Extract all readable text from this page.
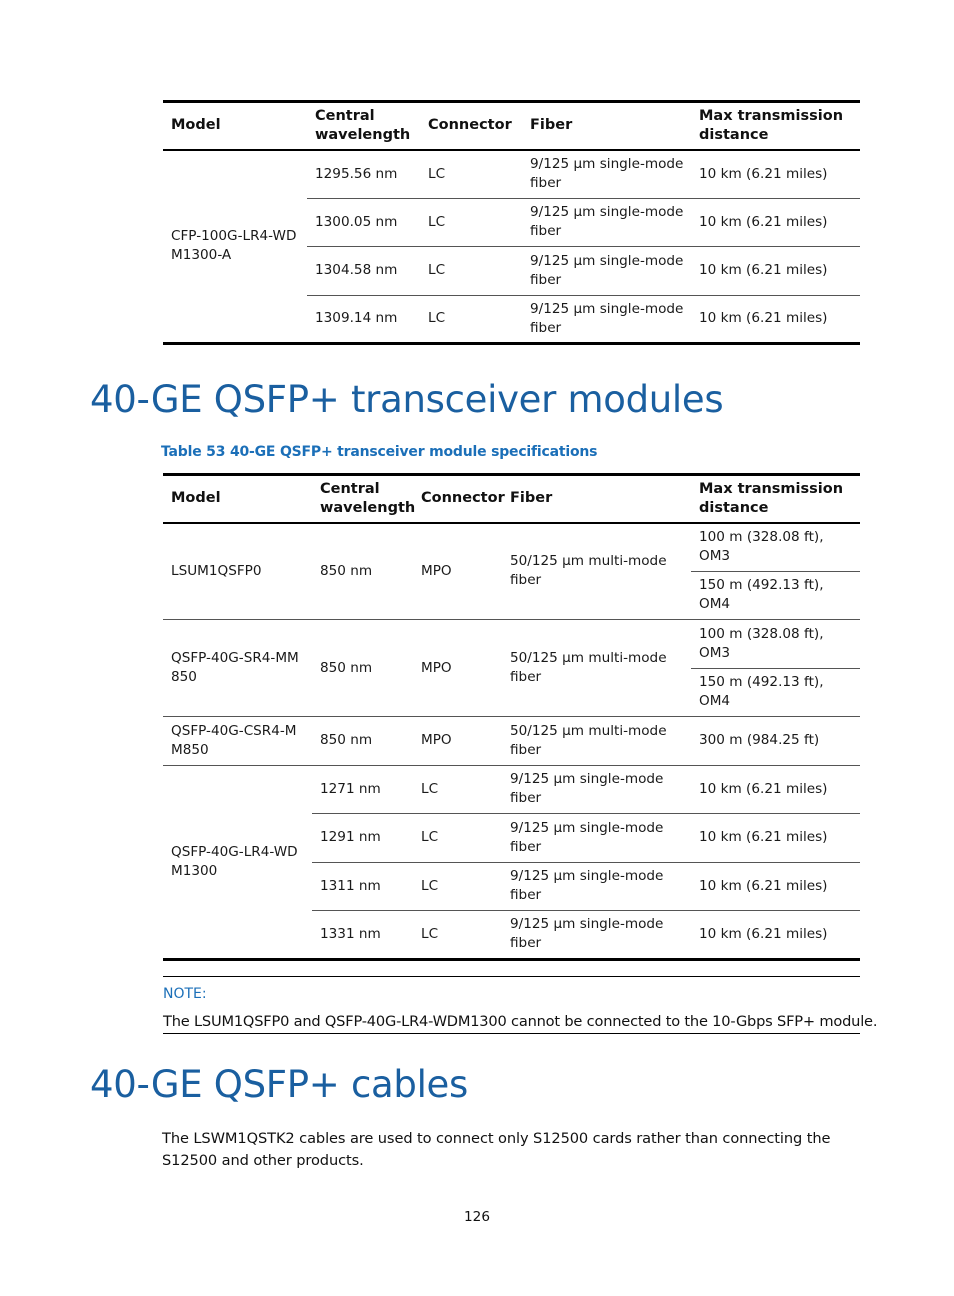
Model	Central wavelength	Connector	Fiber	Max transmission distance
CFP-100G-LR4-WDM1300-A	1295.56 nm	LC	9/125 µm single-mode fiber	10 km (6.21 miles)
	1300.05 nm	LC	9/125 µm single-mode fiber	10 km (6.21 miles)
	1304.58 nm	LC	9/125 µm single-mode fiber	10 km (6.21 miles)
	1309.14 nm	LC	9/125 µm single-mode fiber	10 km (6.21 miles)
40-GE QSFP+ transceiver modules

Table 53 40-GE QSFP+ transceiver module specifications

Model	Central wavelength	Connector	Fiber	Max transmission distance
LSUM1QSFP0	850 nm	MPO	50/125 µm multi-mode fiber	100 m (328.08 ft), OM3
				150 m (492.13 ft), OM4
QSFP-40G-SR4-MM850	850 nm	MPO	50/125 µm multi-mode fiber	100 m (328.08 ft), OM3
				150 m (492.13 ft), OM4
QSFP-40G-CSR4-MM850	850 nm	MPO	50/125 µm multi-mode fiber	300 m (984.25 ft)
QSFP-40G-LR4-WDM1300	1271 nm	LC	9/125 µm single-mode fiber	10 km (6.21 miles)
	1291 nm	LC	9/125 µm single-mode fiber	10 km (6.21 miles)
	1311 nm	LC	9/125 µm single-mode fiber	10 km (6.21 miles)
	1331 nm	LC	9/125 µm single-mode fiber	10 km (6.21 miles)
NOTE:
The LSUM1QSFP0 and QSFP-40G-LR4-WDM1300 cannot be connected to the 10-Gbps SFP+ module.
40-GE QSFP+ cables

The LSWM1QSTK2 cables are used to connect only S12500 cards rather than connecting the S12500 and other products.

126
